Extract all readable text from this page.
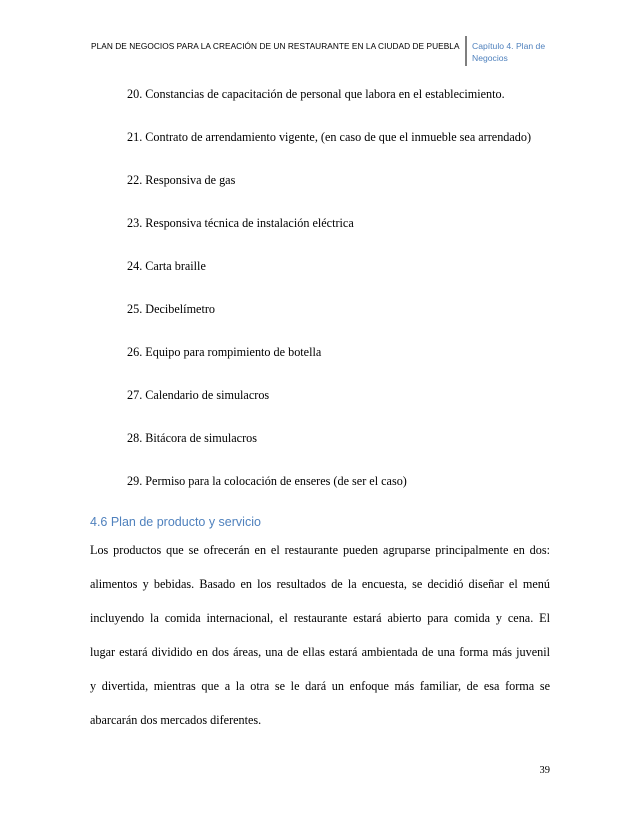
PLAN DE NEGOCIOS PARA LA CREACIÓN DE UN RESTAURANTE EN LA CIUDAD DE PUEBLA	Capítulo 4. Plan de
Negocios
20. Constancias de capacitación de personal que labora en el establecimiento.
21. Contrato de arrendamiento vigente, (en caso de que el inmueble sea arrendado)
22. Responsiva de gas
23. Responsiva técnica de instalación eléctrica
24. Carta braille
25. Decibelímetro
26. Equipo para rompimiento de botella
27. Calendario de simulacros
28. Bitácora de simulacros
29. Permiso para la colocación de enseres (de ser el caso)
4.6 Plan de producto y servicio
Los productos que se ofrecerán en el restaurante pueden agruparse principalmente en dos:
alimentos y bebidas. Basado en los resultados de la encuesta, se decidió diseñar el menú
incluyendo la comida internacional, el restaurante estará abierto para comida y cena. El
lugar estará dividido en dos áreas, una de ellas estará ambientada de una forma más juvenil
y divertida, mientras que a la otra se le dará un enfoque más familiar, de esa forma se
abarcarán dos mercados diferentes.
39
